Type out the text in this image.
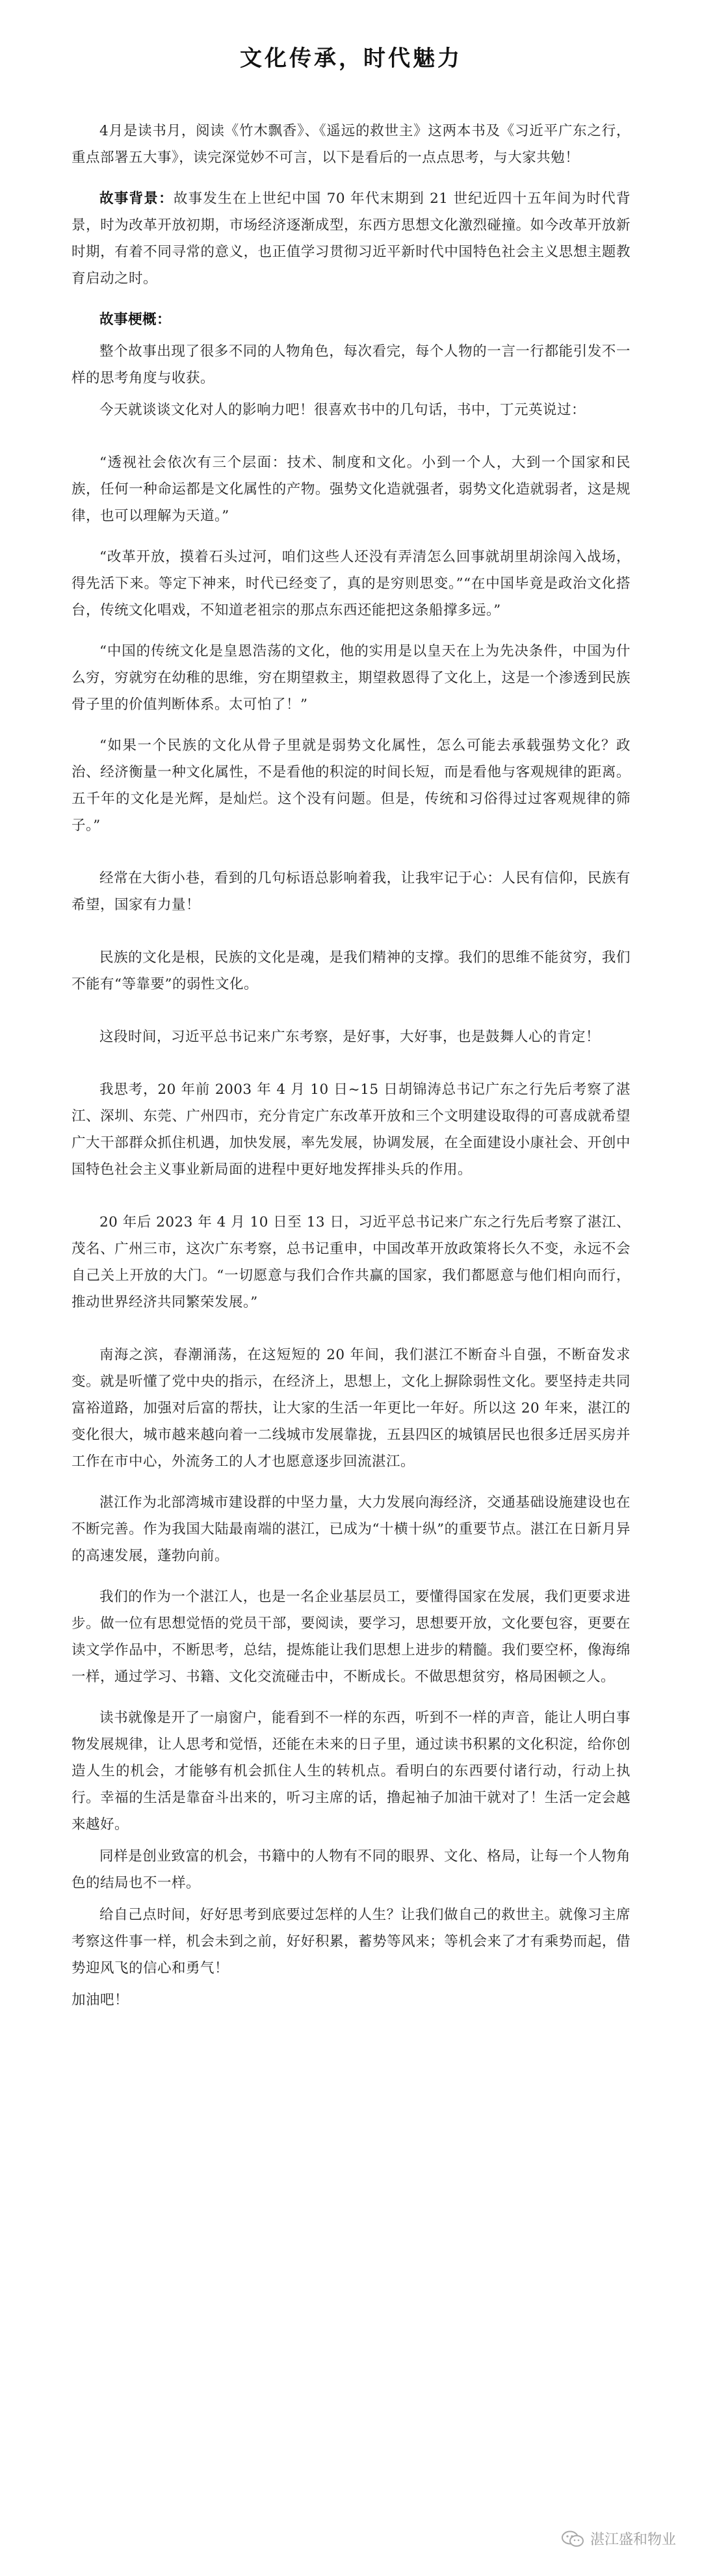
文化传承，时代魅力

4月是读书月，阅读《竹木飘香》、《遥远的救世主》这两本书及《习近平广东之行，重点部署五大事》，读完深觉妙不可言，以下是看后的一点点思考，与大家共勉！

故事背景：故事发生在上世纪中国 70 年代末期到 21 世纪近四十五年间为时代背景，时为改革开放初期，市场经济逐渐成型，东西方思想文化激烈碰撞。如今改革开放新时期，有着不同寻常的意义，也正值学习贯彻习近平新时代中国特色社会主义思想主题教育启动之时。

故事梗概：

整个故事出现了很多不同的人物角色，每次看完，每个人物的一言一行都能引发不一样的思考角度与收获。

今天就谈谈文化对人的影响力吧！很喜欢书中的几句话，书中，丁元英说过：

“透视社会依次有三个层面：技术、制度和文化。小到一个人，大到一个国家和民族，任何一种命运都是文化属性的产物。强势文化造就强者，弱势文化造就弱者，这是规律，也可以理解为天道。”

“改革开放，摸着石头过河，咱们这些人还没有弄清怎么回事就胡里胡涂闯入战场，得先活下来。等定下神来，时代已经变了，真的是穷则思变。”“在中国毕竟是政治文化搭台，传统文化唱戏，不知道老祖宗的那点东西还能把这条船撑多远。”

“中国的传统文化是皇恩浩荡的文化，他的实用是以皇天在上为先决条件，中国为什么穷，穷就穷在幼稚的思维，穷在期望救主，期望救恩得了文化上，这是一个渗透到民族骨子里的价值判断体系。太可怕了！”

“如果一个民族的文化从骨子里就是弱势文化属性，怎么可能去承载强势文化？政治、经济衡量一种文化属性，不是看他的积淀的时间长短，而是看他与客观规律的距离。五千年的文化是光辉，是灿烂。这个没有问题。但是，传统和习俗得过过客观规律的筛子。”

经常在大街小巷，看到的几句标语总影响着我，让我牢记于心：人民有信仰，民族有希望，国家有力量！

民族的文化是根，民族的文化是魂，是我们精神的支撑。我们的思维不能贫穷，我们不能有“等靠要”的弱性文化。

这段时间，习近平总书记来广东考察，是好事，大好事，也是鼓舞人心的肯定！

我思考，20 年前 2003 年 4 月 10 日~15 日胡锦涛总书记广东之行先后考察了湛江、深圳、东莞、广州四市，充分肯定广东改革开放和三个文明建设取得的可喜成就希望广大干部群众抓住机遇，加快发展，率先发展，协调发展，在全面建设小康社会、开创中国特色社会主义事业新局面的进程中更好地发挥排头兵的作用。

20 年后 2023 年 4 月 10 日至 13 日，习近平总书记来广东之行先后考察了湛江、茂名、广州三市，这次广东考察，总书记重申，中国改革开放政策将长久不变，永远不会自己关上开放的大门。“一切愿意与我们合作共赢的国家，我们都愿意与他们相向而行，推动世界经济共同繁荣发展。”

南海之滨，春潮涌荡，在这短短的 20 年间，我们湛江不断奋斗自强，不断奋发求变。就是听懂了党中央的指示，在经济上，思想上，文化上摒除弱性文化。要坚持走共同富裕道路，加强对后富的帮扶，让大家的生活一年更比一年好。所以这 20 年来，湛江的变化很大，城市越来越向着一二线城市发展靠拢，五县四区的城镇居民也很多迁居买房并工作在市中心，外流务工的人才也愿意逐步回流湛江。

湛江作为北部湾城市建设群的中坚力量，大力发展向海经济，交通基础设施建设也在不断完善。作为我国大陆最南端的湛江，已成为“十横十纵”的重要节点。湛江在日新月异的高速发展，蓬勃向前。

我们的作为一个湛江人，也是一名企业基层员工，要懂得国家在发展，我们更要求进步。做一位有思想觉悟的党员干部，要阅读，要学习，思想要开放，文化要包容，更要在读文学作品中，不断思考，总结，提炼能让我们思想上进步的精髓。我们要空杯，像海绵一样，通过学习、书籍、文化交流碰击中，不断成长。不做思想贫穷，格局困顿之人。

读书就像是开了一扇窗户，能看到不一样的东西，听到不一样的声音，能让人明白事物发展规律，让人思考和觉悟，还能在未来的日子里，通过读书积累的文化积淀，给你创造人生的机会，才能够有机会抓住人生的转机点。看明白的东西要付诸行动，行动上执行。幸福的生活是靠奋斗出来的，听习主席的话，撸起袖子加油干就对了！生活一定会越来越好。

同样是创业致富的机会，书籍中的人物有不同的眼界、文化、格局，让每一个人物角色的结局也不一样。

给自己点时间，好好思考到底要过怎样的人生？让我们做自己的救世主。就像习主席考察这件事一样，机会未到之前，好好积累，蓄势等风来；等机会来了才有乘势而起，借势迎风飞的信心和勇气！

加油吧！

湛江盛和物业
